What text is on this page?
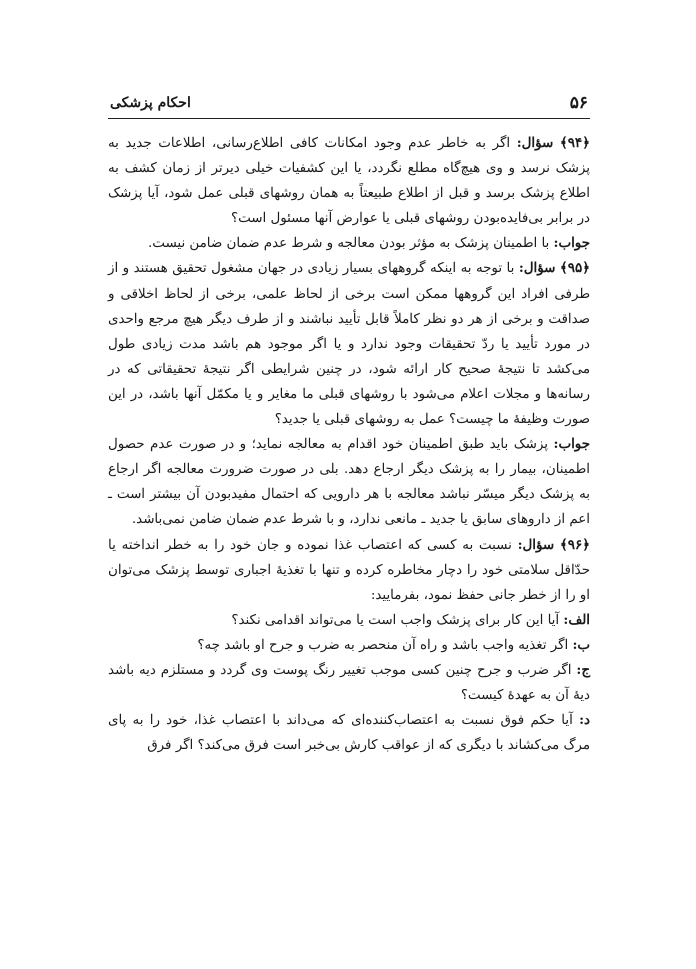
۵۶
احکام پزشکی

﴿۹۴﴾ سؤال: اگر به خاطر عدم وجود امکانات کافی اطلاع‌رسانی، اطلاعات جدید به پزشک نرسد و وی هیچ‌گاه مطلع نگردد، یا این کشفیات خیلی دیرتر از زمان کشف به اطلاع پزشک برسد و قبل از اطلاع طبیعتاً به همان روشهای قبلی عمل شود، آیا پزشک در برابر بی‌فایده‌بودن روشهای قبلی یا عوارض آنها مسئول است؟

جواب: با اطمینان پزشک به مؤثر بودن معالجه و شرط عدم ضمان ضامن نیست.

﴿۹۵﴾ سؤال: با توجه به اینکه گروههای بسیار زیادی در جهان مشغول تحقیق هستند و از طرفی افراد این گروهها ممکن است برخی از لحاظ علمی، برخی از لحاظ اخلاقی و صداقت و برخی از هر دو نظر کاملاً قابل تأیید نباشند و از طرف دیگر هیچ مرجع واحدی در مورد تأیید یا ردّ تحقیقات وجود ندارد و یا اگر موجود هم باشد مدت زیادی طول می‌کشد تا نتیجهٔ صحیح کار ارائه شود، در چنین شرایطی اگر نتیجهٔ تحقیقاتی که در رسانه‌ها و مجلات اعلام می‌شود با روشهای قبلی ما مغایر و یا مکمّل آنها باشد، در این صورت وظیفهٔ ما چیست؟ عمل به روشهای قبلی یا جدید؟

جواب: پزشک باید طبق اطمینان خود اقدام به معالجه نماید؛ و در صورت عدم حصول اطمینان، بیمار را به پزشک دیگر ارجاع دهد. بلی در صورت ضرورت معالجه اگر ارجاع به پزشک دیگر میسّر نباشد معالجه با هر دارویی که احتمال مفیدبودن آن بیشتر است ـ اعم از داروهای سابق یا جدید ـ مانعی ندارد، و با شرط عدم ضمان ضامن نمی‌باشد.

﴿۹۶﴾ سؤال: نسبت به کسی که اعتصاب غذا نموده و جان خود را به خطر انداخته یا حدّاقل سلامتی خود را دچار مخاطره کرده و تنها با تغذیهٔ اجباری توسط پزشک می‌توان او را از خطر جانی حفظ نمود، بفرمایید:

الف: آیا این کار برای پزشک واجب است یا می‌تواند اقدامی نکند؟

ب: اگر تغذیه واجب باشد و راه آن منحصر به ضرب و جرح او باشد چه؟

ج: اگر ضرب و جرح چنین کسی موجب تغییر رنگ پوست وی گردد و مستلزم دیه باشد دیهٔ آن به عهدهٔ کیست؟

د: آیا حکم فوق نسبت به اعتصاب‌کننده‌ای که می‌داند با اعتصاب غذا، خود را به پای مرگ می‌کشاند با دیگری که از عواقب کارش بی‌خبر است فرق می‌کند؟ اگر فرق
